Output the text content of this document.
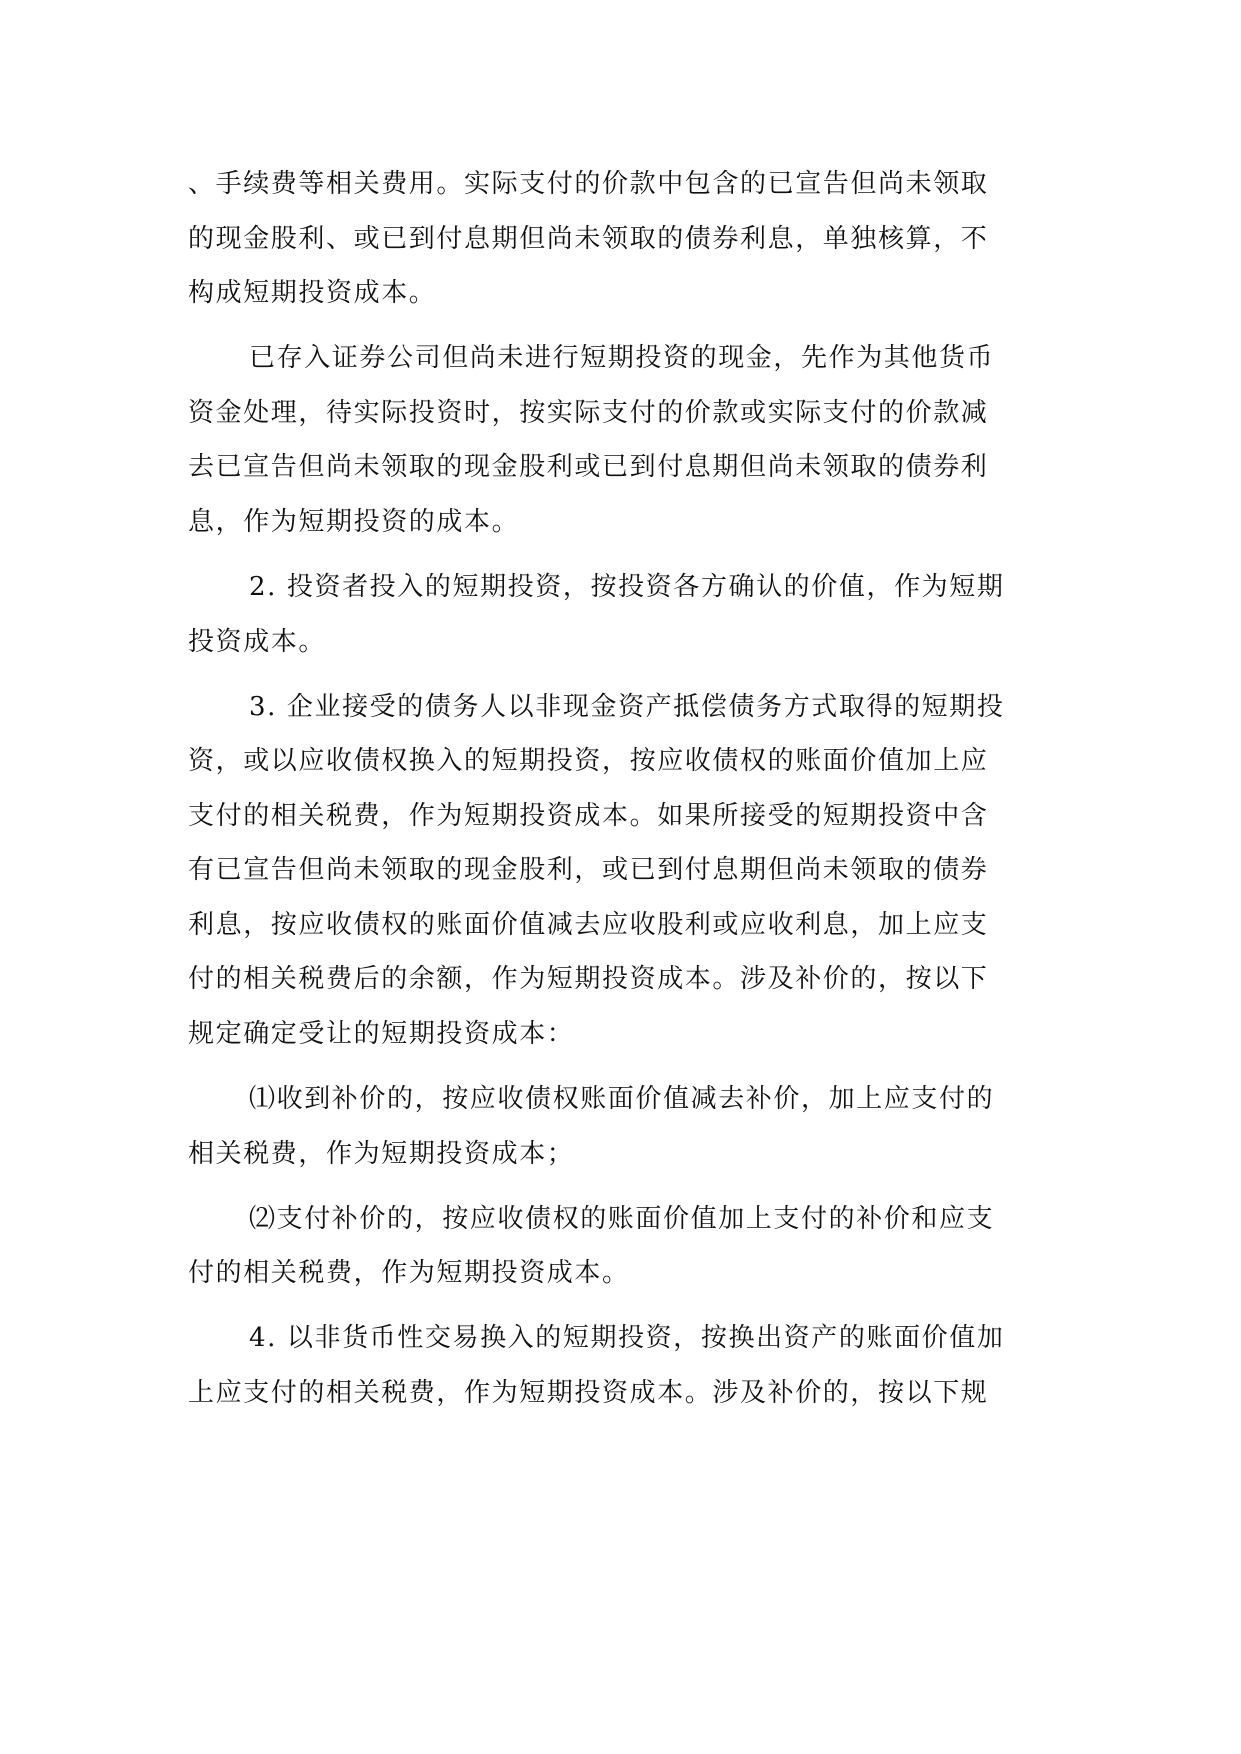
、手续费等相关费用。实际支付的价款中包含的已宣告但尚未领取
的现金股利、或已到付息期但尚未领取的债券利息，单独核算，不
构成短期投资成本。
已存入证券公司但尚未进行短期投资的现金，先作为其他货币
资金处理，待实际投资时，按实际支付的价款或实际支付的价款减
去已宣告但尚未领取的现金股利或已到付息期但尚未领取的债券利
息，作为短期投资的成本。
2. 投资者投入的短期投资，按投资各方确认的价值，作为短期
投资成本。
3. 企业接受的债务人以非现金资产抵偿债务方式取得的短期投
资，或以应收债权换入的短期投资，按应收债权的账面价值加上应
支付的相关税费，作为短期投资成本。如果所接受的短期投资中含
有已宣告但尚未领取的现金股利，或已到付息期但尚未领取的债券
利息，按应收债权的账面价值减去应收股利或应收利息，加上应支
付的相关税费后的余额，作为短期投资成本。涉及补价的，按以下
规定确定受让的短期投资成本：
⑴收到补价的，按应收债权账面价值减去补价，加上应支付的
相关税费，作为短期投资成本；
⑵支付补价的，按应收债权的账面价值加上支付的补价和应支
付的相关税费，作为短期投资成本。
4. 以非货币性交易换入的短期投资，按换出资产的账面价值加
上应支付的相关税费，作为短期投资成本。涉及补价的，按以下规
